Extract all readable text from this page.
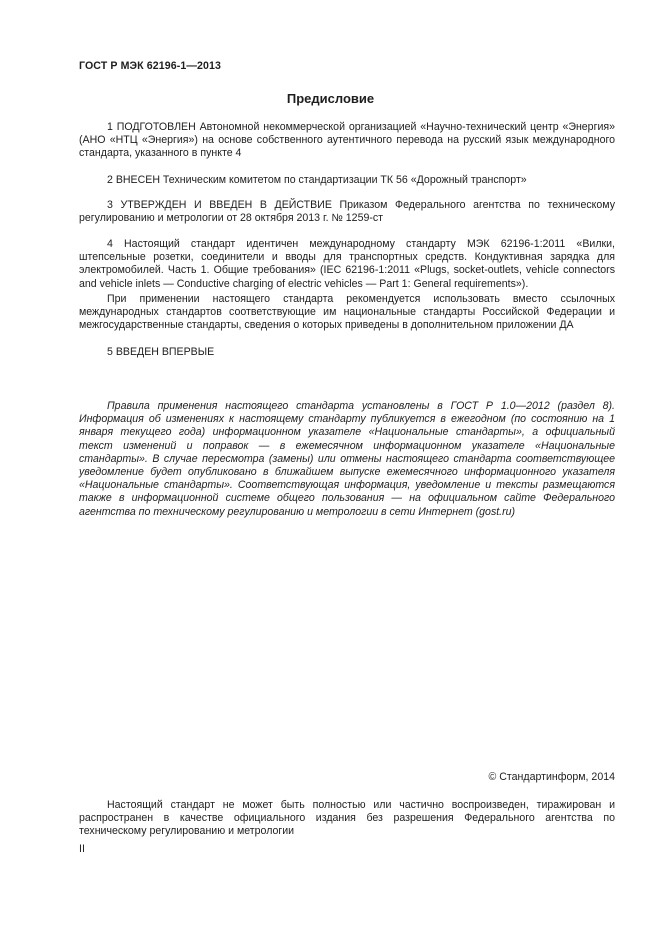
ГОСТ Р МЭК 62196-1—2013
Предисловие

1 ПОДГОТОВЛЕН Автономной некоммерческой организацией «Научно-технический центр «Энергия» (АНО «НТЦ «Энергия») на основе собственного аутентичного перевода на русский язык международного стандарта, указанного в пункте 4

2 ВНЕСЕН Техническим комитетом по стандартизации ТК 56 «Дорожный транспорт»

3 УТВЕРЖДЕН И ВВЕДЕН В ДЕЙСТВИЕ Приказом Федерального агентства по техническому регулированию и метрологии от 28 октября 2013 г. № 1259-ст

4 Настоящий стандарт идентичен международному стандарту МЭК 62196-1:2011 «Вилки, штепсельные розетки, соединители и вводы для транспортных средств. Кондуктивная зарядка для электромобилей. Часть 1. Общие требования» (IEC 62196-1:2011 «Plugs, socket-outlets, vehicle connectors and vehicle inlets — Conductive charging of electric vehicles — Part 1: General requirements»).

При применении настоящего стандарта рекомендуется использовать вместо ссылочных международных стандартов соответствующие им национальные стандарты Российской Федерации и межгосударственные стандарты, сведения о которых приведены в дополнительном приложении ДА

5 ВВЕДЕН ВПЕРВЫЕ

Правила применения настоящего стандарта установлены в ГОСТ Р 1.0—2012 (раздел 8). Информация об изменениях к настоящему стандарту публикуется в ежегодном (по состоянию на 1 января текущего года) информационном указателе «Национальные стандарты», а официальный текст изменений и поправок — в ежемесячном информационном указателе «Национальные стандарты». В случае пересмотра (замены) или отмены настоящего стандарта соответствующее уведомление будет опубликовано в ближайшем выпуске ежемесячного информационного указателя «Национальные стандарты». Соответствующая информация, уведомление и тексты размещаются также в информационной системе общего пользования — на официальном сайте Федерального агентства по техническому регулированию и метрологии в сети Интернет (gost.ru)

© Стандартинформ, 2014

Настоящий стандарт не может быть полностью или частично воспроизведен, тиражирован и распространен в качестве официального издания без разрешения Федерального агентства по техническому регулированию и метрологии

II
